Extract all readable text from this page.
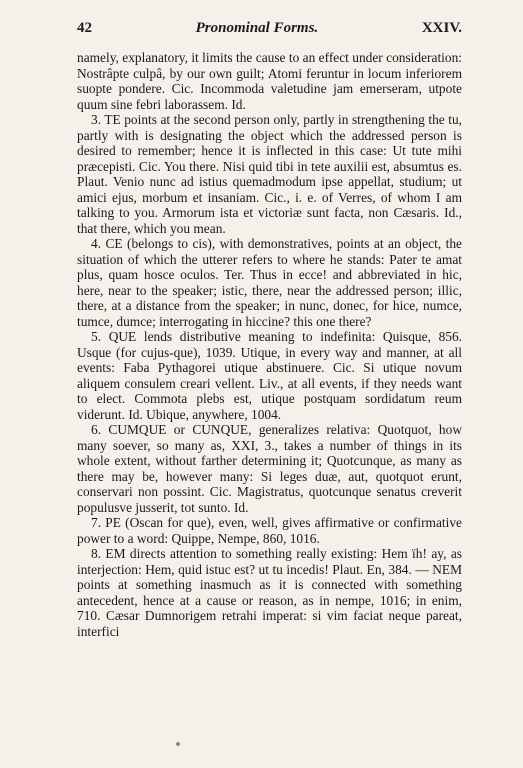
42	Pronominal Forms.	XXIV.

namely, explanatory, it limits the cause to an effect under consideration: Nostrâpte culpâ, by our own guilt; Atomi feruntur in locum inferiorem suopte pondere. Cic. Incommoda valetudine jam emerseram, utpote quum sine febri laborassem. Id.

3. TE points at the second person only, partly in strengthening the tu, partly with is designating the object which the addressed person is desired to remember; hence it is inflected in this case: Ut tute mihi præcepisti. Cic. You there. Nisi quid tibi in tete auxilii est, absumtus es. Plaut. Venio nunc ad istius quemadmodum ipse appellat, studium; ut amici ejus, morbum et insaniam. Cic., i. e. of Verres, of whom I am talking to you. Armorum ista et victoriæ sunt facta, non Cæsaris. Id., that there, which you mean.

4. CE (belongs to cis), with demonstratives, points at an object, the situation of which the utterer refers to where he stands: Pater te amat plus, quam hosce oculos. Ter. Thus in ecce! and abbreviated in hic, here, near to the speaker; istic, there, near the addressed person; illic, there, at a distance from the speaker; in nunc, donec, for hice, numce, tumce, dumce; interrogating in hiccine? this one there?

5. QUE lends distributive meaning to indefinita: Quisque, 856. Usque (for cujus-que), 1039. Utique, in every way and manner, at all events: Faba Pythagorei utique abstinuere. Cic. Si utique novum aliquem consulem creari vellent. Liv., at all events, if they needs want to elect. Commota plebs est, utique postquam sordidatum reum viderunt. Id. Ubique, anywhere, 1004.

6. CUMQUE or CUNQUE, generalizes relativa: Quotquot, how many soever, so many as, XXI, 3., takes a number of things in its whole extent, without farther determining it; Quotcunque, as many as there may be, however many: Si leges duæ, aut, quotquot erunt, conservari non possint. Cic. Magistratus, quotcunque senatus creverit populusve jusserit, tot sunto. Id.

7. PE (Oscan for que), even, well, gives affirmative or confirmative power to a word: Quippe, Nempe, 860, 1016.

8. EM directs attention to something really existing: Hem ïh! ay, as interjection: Hem, quid istuc est? ut tu incedis! Plaut. En, 384. — NEM points at something inasmuch as it is connected with something antecedent, hence at a cause or reason, as in nempe, 1016; in enim, 710. Cæsar Dumnorigem retrahi imperat: si vim faciat neque pareat, interfici
